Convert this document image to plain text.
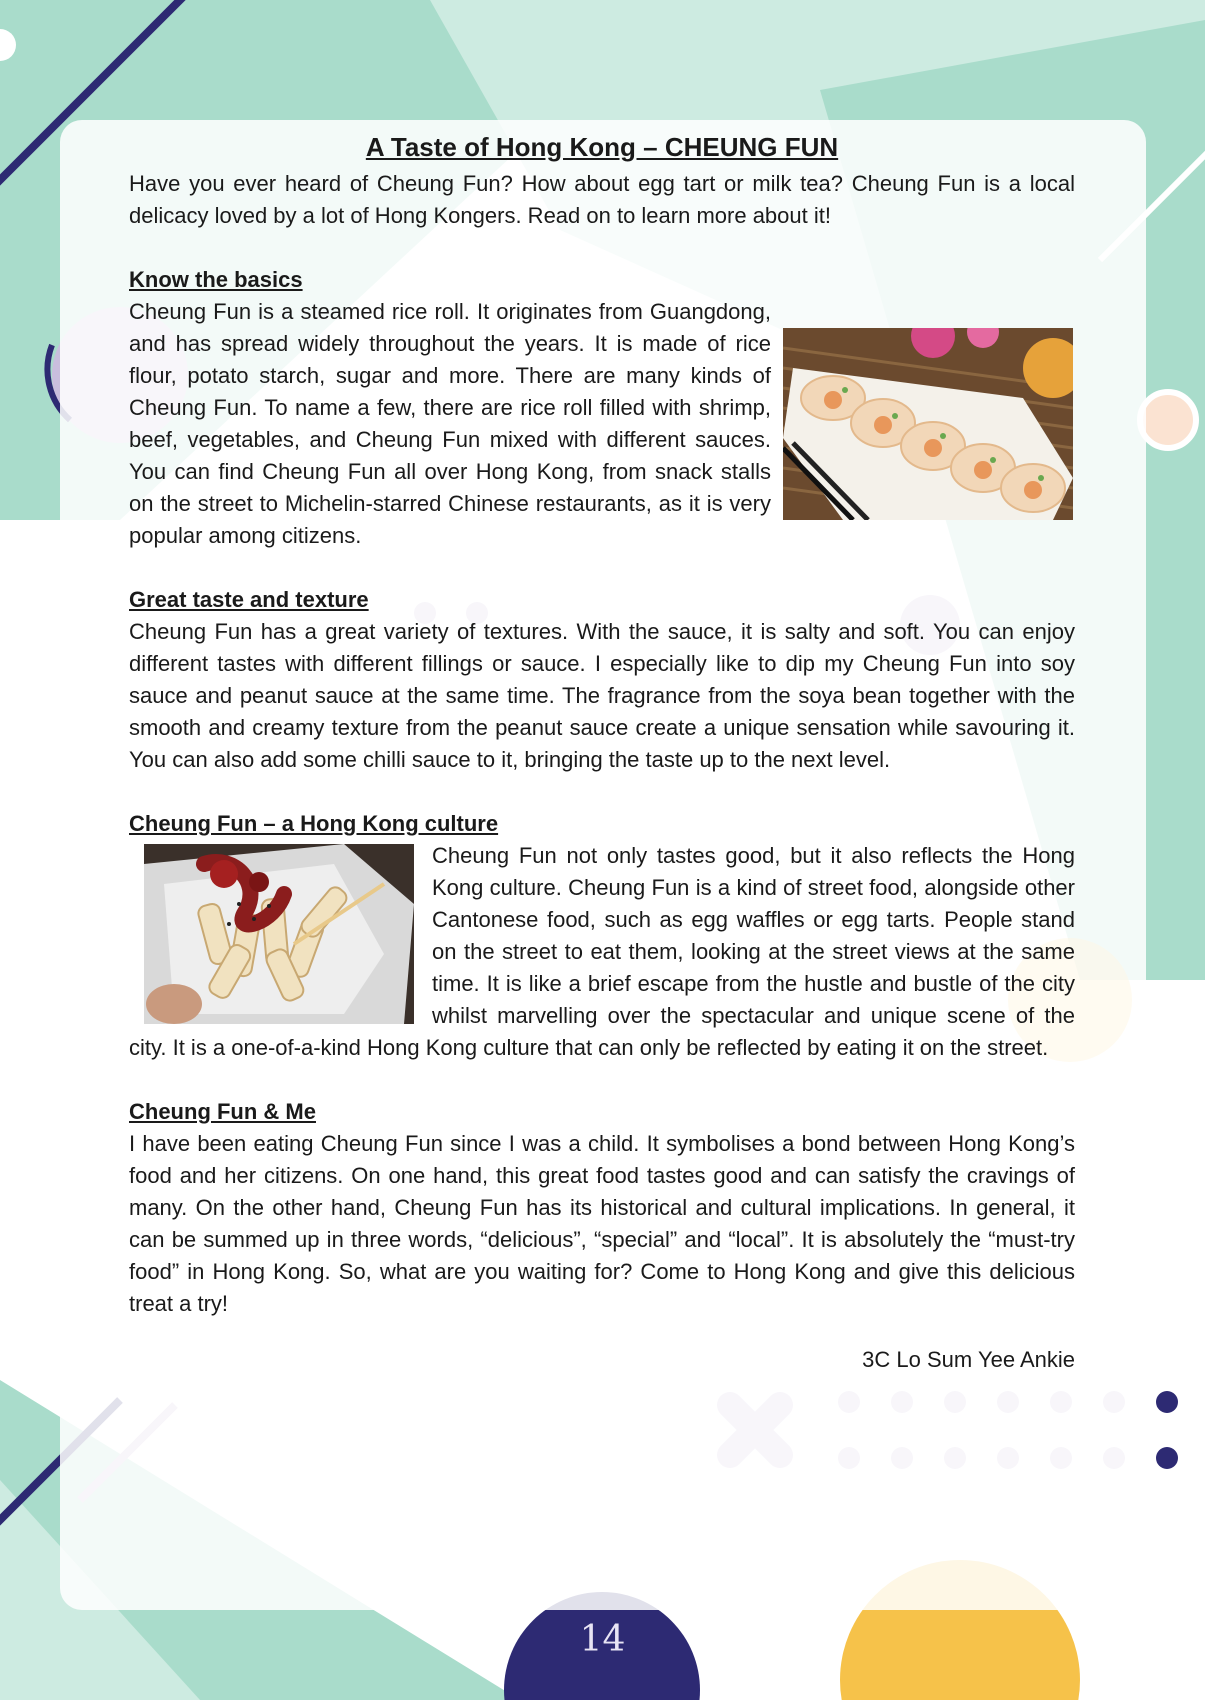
A Taste of Hong Kong – CHEUNG FUN

Have you ever heard of Cheung Fun? How about egg tart or milk tea? Cheung Fun is a local delicacy loved by a lot of Hong Kongers. Read on to learn more about it!

Know the basics

Cheung Fun is a steamed rice roll. It originates from Guangdong, and has spread widely throughout the years. It is made of rice flour, potato starch, sugar and more. There are many kinds of Cheung Fun. To name a few, there are rice roll filled with shrimp, beef, vegetables, and Cheung Fun mixed with different sauces. You can find Cheung Fun all over Hong Kong, from snack stalls on the street to Michelin-starred Chinese restaurants, as it is very popular among citizens.

Great taste and texture

Cheung Fun has a great variety of textures. With the sauce, it is salty and soft. You can enjoy different tastes with different fillings or sauce. I especially like to dip my Cheung Fun into soy sauce and peanut sauce at the same time. The fragrance from the soya bean together with the smooth and creamy texture from the peanut sauce create a unique sensation while savouring it. You can also add some chilli sauce to it, bringing the taste up to the next level.

Cheung Fun – a Hong Kong culture

Cheung Fun not only tastes good, but it also reflects the Hong Kong culture. Cheung Fun is a kind of street food, alongside other Cantonese food, such as egg waffles or egg tarts. People stand on the street to eat them, looking at the street views at the same time. It is like a brief escape from the hustle and bustle of the city whilst marvelling over the spectacular and unique scene of the city. It is a one-of-a-kind Hong Kong culture that can only be reflected by eating it on the street.

Cheung Fun & Me

I have been eating Cheung Fun since I was a child. It symbolises a bond between Hong Kong’s food and her citizens. On one hand, this great food tastes good and can satisfy the cravings of many. On the other hand, Cheung Fun has its historical and cultural implications. In general, it can be summed up in three words, “delicious”, “special” and “local”. It is absolutely the “must-try food” in Hong Kong. So, what are you waiting for? Come to Hong Kong and give this delicious treat a try!

3C Lo Sum Yee Ankie
14
